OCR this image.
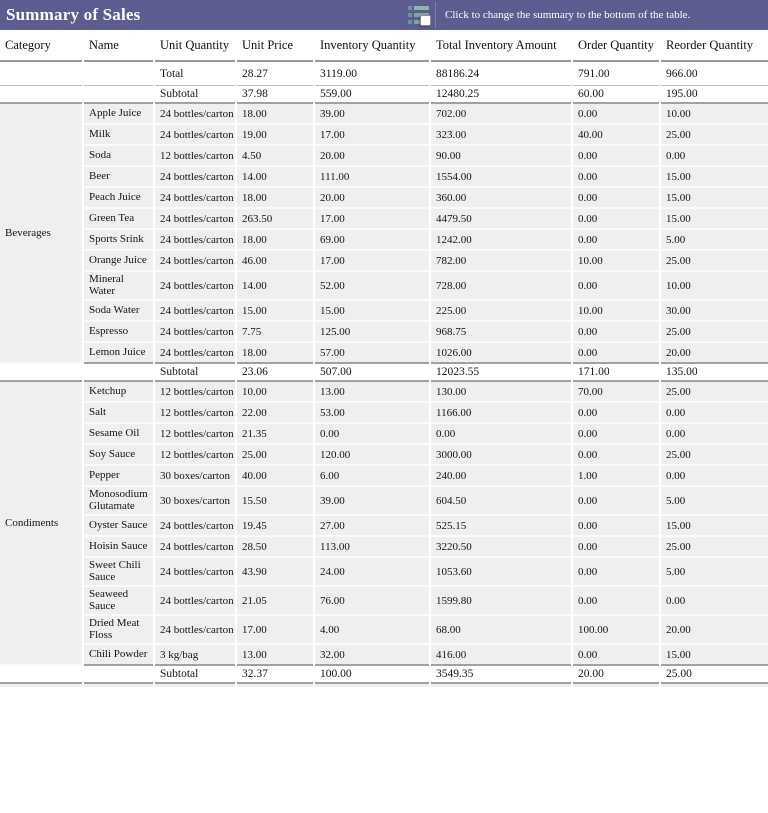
Summary of Sales	Click to change the summary to the bottom of the table.
Category	Name	Unit Quantity	Unit Price	Inventory Quantity	Total Inventory Amount	Order Quantity	Reorder Quantity
		Total	28.27	3119.00	88186.24	791.00	966.00
		Subtotal	37.98	559.00	12480.25	60.00	195.00
Beverages	Apple Juice	24 bottles/carton	18.00	39.00	702.00	0.00	10.00
	Milk	24 bottles/carton	19.00	17.00	323.00	40.00	25.00
	Soda	12 bottles/carton	4.50	20.00	90.00	0.00	0.00
	Beer	24 bottles/carton	14.00	111.00	1554.00	0.00	15.00
	Peach Juice	24 bottles/carton	18.00	20.00	360.00	0.00	15.00
	Green Tea	24 bottles/carton	263.50	17.00	4479.50	0.00	15.00
	Sports Srink	24 bottles/carton	18.00	69.00	1242.00	0.00	5.00
	Orange Juice	24 bottles/carton	46.00	17.00	782.00	10.00	25.00
	Mineral Water	24 bottles/carton	14.00	52.00	728.00	0.00	10.00
	Soda Water	24 bottles/carton	15.00	15.00	225.00	10.00	30.00
	Espresso	24 bottles/carton	7.75	125.00	968.75	0.00	25.00
	Lemon Juice	24 bottles/carton	18.00	57.00	1026.00	0.00	20.00
		Subtotal	23.06	507.00	12023.55	171.00	135.00
Condiments	Ketchup	12 bottles/carton	10.00	13.00	130.00	70.00	25.00
	Salt	12 bottles/carton	22.00	53.00	1166.00	0.00	0.00
	Sesame Oil	12 bottles/carton	21.35	0.00	0.00	0.00	0.00
	Soy Sauce	12 bottles/carton	25.00	120.00	3000.00	0.00	25.00
	Pepper	30 boxes/carton	40.00	6.00	240.00	1.00	0.00
	Monosodium Glutamate	30 boxes/carton	15.50	39.00	604.50	0.00	5.00
	Oyster Sauce	24 bottles/carton	19.45	27.00	525.15	0.00	15.00
	Hoisin Sauce	24 bottles/carton	28.50	113.00	3220.50	0.00	25.00
	Sweet Chili Sauce	24 bottles/carton	43.90	24.00	1053.60	0.00	5.00
	Seaweed Sauce	24 bottles/carton	21.05	76.00	1599.80	0.00	0.00
	Dried Meat Floss	24 bottles/carton	17.00	4.00	68.00	100.00	20.00
	Chili Powder	3 kg/bag	13.00	32.00	416.00	0.00	15.00
		Subtotal	32.37	100.00	3549.35	20.00	25.00
